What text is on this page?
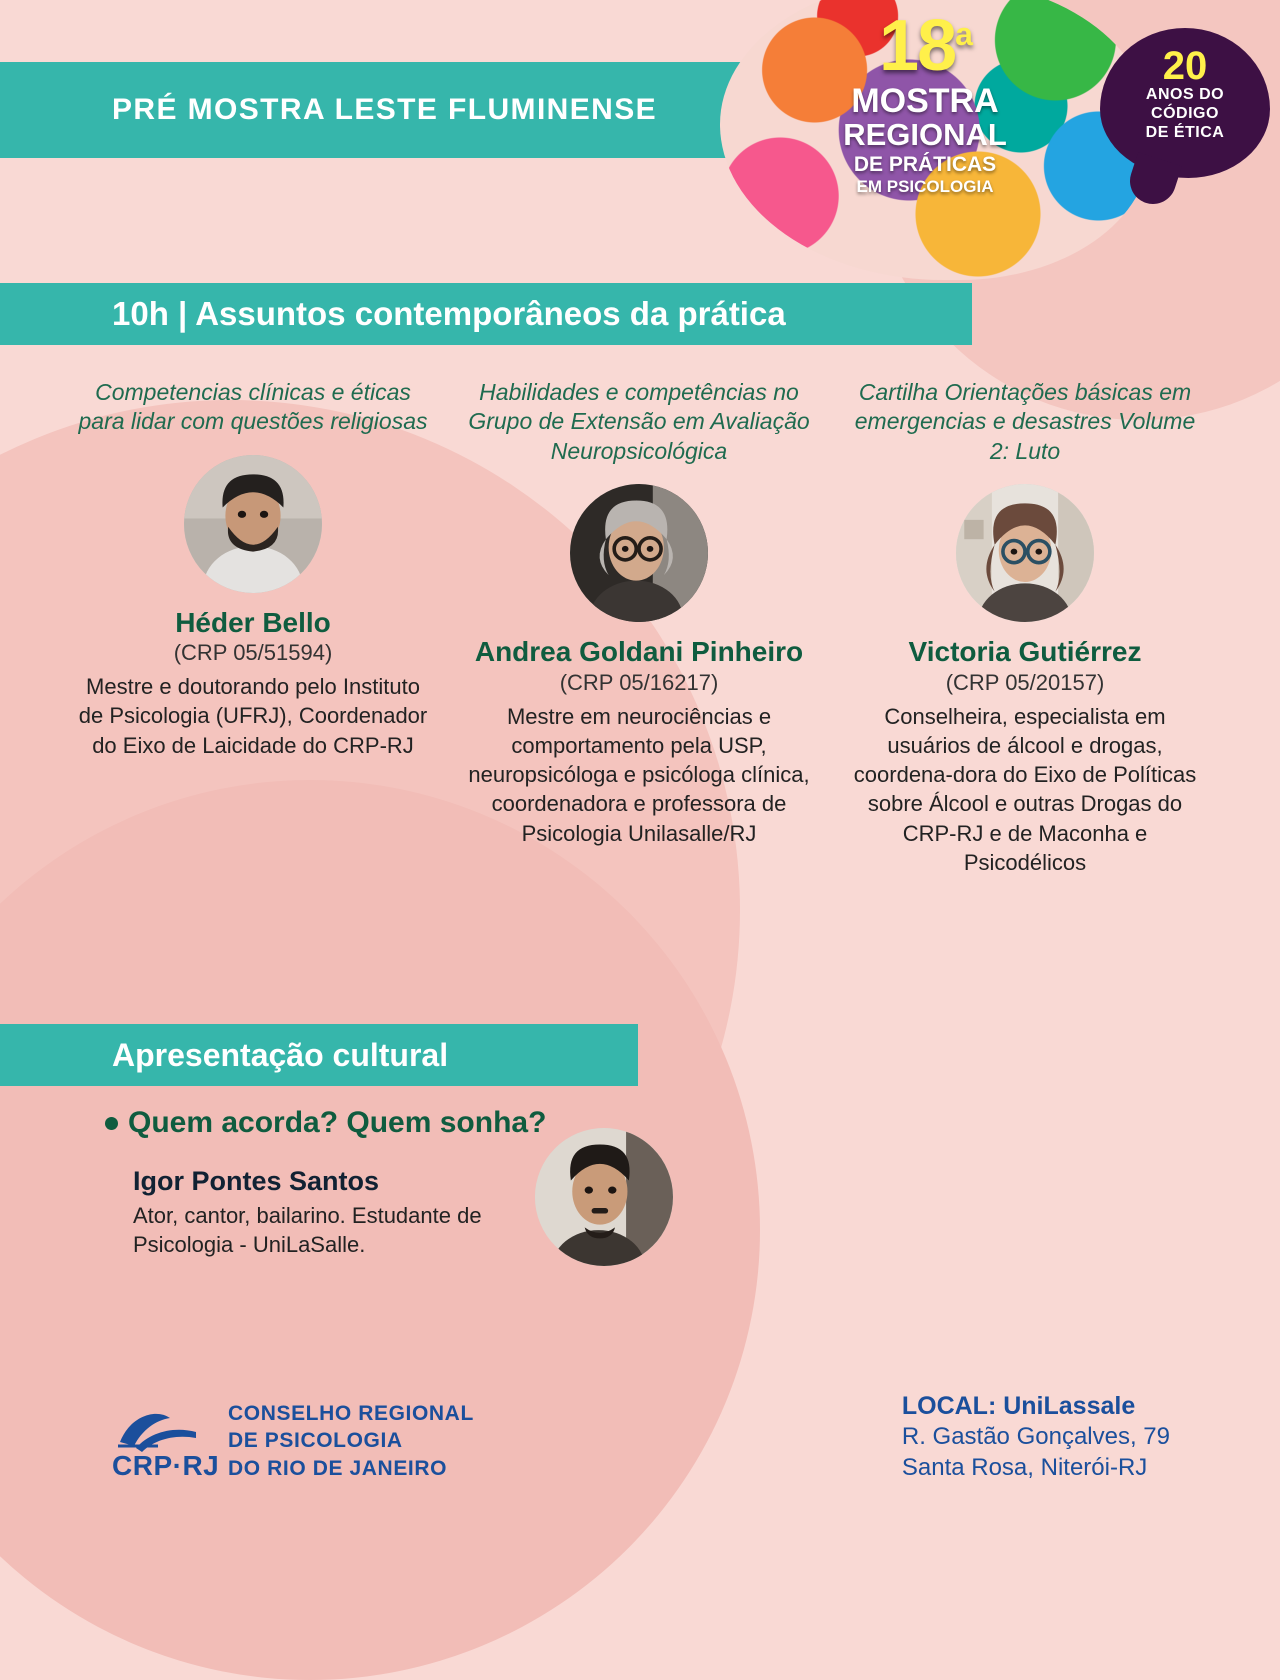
PRÉ MOSTRA LESTE FLUMINENSE
18$^a$
MOSTRA
REGIONAL
DE PRÁTICAS
EM PSICOLOGIA
20
ANOS DO
CÓDIGO
DE ÉTICA
10h | Assuntos contemporâneos da prática
Competencias clínicas e éticas para lidar com questões religiosas
Héder Bello
(CRP 05/51594)
Mestre e doutorando pelo Instituto de Psicologia (UFRJ), Coordenador do Eixo de Laicidade do CRP-RJ
Habilidades e competências no Grupo de Extensão em Avaliação Neuropsicológica
Andrea Goldani Pinheiro
(CRP 05/16217)
Mestre em neurociências e comportamento pela USP, neuropsicóloga e psicóloga clínica, coordenadora e professora de Psicologia Unilasalle/RJ
Cartilha Orientações básicas em emergencias e desastres Volume 2: Luto
Victoria Gutiérrez
(CRP 05/20157)
Conselheira, especialista em usuários de álcool e drogas, coordena-dora do Eixo de Políticas sobre Álcool e outras Drogas do CRP-RJ e de Maconha e Psicodélicos
Apresentação cultural
Quem acorda? Quem sonha?
Igor Pontes Santos
Ator, cantor, bailarino. Estudante de Psicologia - UniLaSalle.
CRP·RJ
CONSELHO REGIONAL
DE PSICOLOGIA
DO RIO DE JANEIRO
LOCAL: UniLassale
R. Gastão Gonçalves, 79
Santa Rosa, Niterói-RJ
